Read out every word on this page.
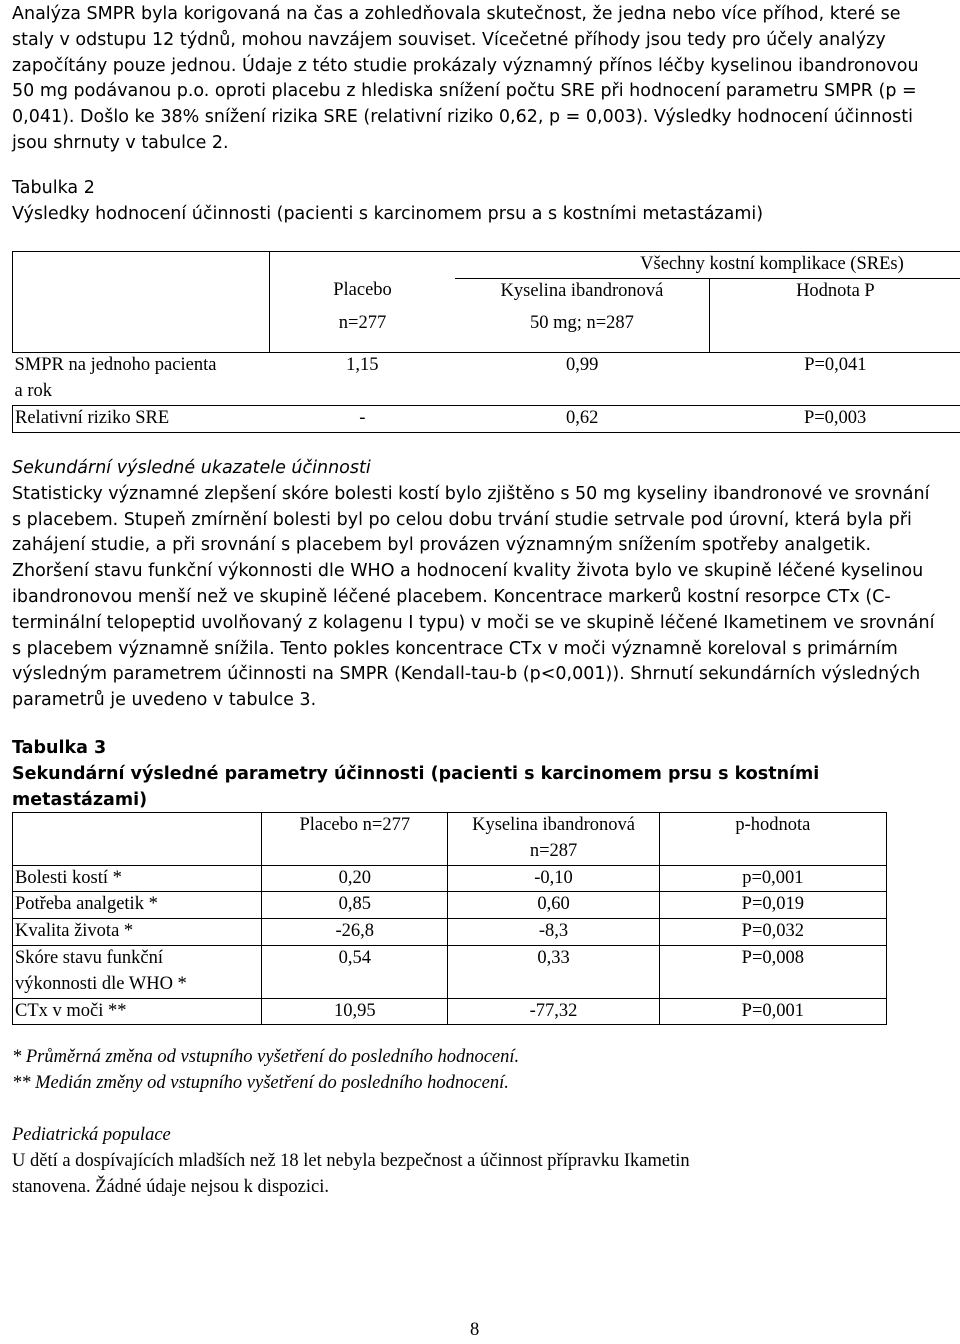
Analýza SMPR byla korigovaná na čas a zohledňovala skutečnost, že jedna nebo více příhod, které se

staly v odstupu 12 týdnů, mohou navzájem souviset. Vícečetné příhody jsou tedy pro účely analýzy

započítány pouze jednou. Údaje z této studie prokázaly významný přínos léčby kyselinou ibandronovou

50 mg podávanou p.o. oproti placebu z hlediska snížení počtu SRE při hodnocení parametru SMPR (p =

0,041). Došlo ke 38% snížení rizika SRE (relativní riziko 0,62, p = 0,003). Výsledky hodnocení účinnosti

jsou shrnuty v tabulce 2.

Tabulka 2
Výsledky hodnocení účinnosti (pacienti s karcinomem prsu a s kostními metastázami)
		Všechny kostní komplikace (SREs)	
	Placebo	Kyselina ibandronová	Hodnota P
	n=277	50 mg; n=287	

SMPR na jednoho pacienta
a rok	1,15	0,99	P=0,041
Relativní riziko SRE	-	0,62	P=0,003
Sekundární výsledné ukazatele účinnosti

Statisticky významné zlepšení skóre bolesti kostí bylo zjištěno s 50 mg kyseliny ibandronové ve srovnání

s placebem. Stupeň zmírnění bolesti byl po celou dobu trvání studie setrvale pod úrovní, která byla při

zahájení studie, a při srovnání s placebem byl provázen významným snížením spotřeby analgetik.

Zhoršení stavu funkční výkonnosti dle WHO a hodnocení kvality života bylo ve skupině léčené kyselinou

ibandronovou menší než ve skupině léčené placebem. Koncentrace markerů kostní resorpce CTx (C-

terminální telopeptid uvolňovaný z kolagenu I typu) v moči se ve skupině léčené Ikametinem ve srovnání

s placebem významně snížila. Tento pokles koncentrace CTx v moči významně koreloval s primárním

výsledným parametrem účinnosti na SMPR (Kendall-tau-b (p<0,001)). Shrnutí sekundárních výsledných

parametrů je uvedeno v tabulce 3.

Tabulka 3
Sekundární výsledné parametry účinnosti (pacienti s karcinomem prsu s kostními metastázami)
	Placebo n=277	Kyselina ibandronová
n=287	p-hodnota
Bolesti kostí *	0,20	-0,10	p=0,001
Potřeba analgetik *	0,85	0,60	P=0,019
Kvalita života *	-26,8	-8,3	P=0,032

Skóre stavu funkční
výkonnosti dle WHO *	0,54	0,33	P=0,008
CTx v moči **	10,95	-77,32	P=0,001
* Průměrná změna od vstupního vyšetření do posledního hodnocení.
** Medián změny od vstupního vyšetření do posledního hodnocení.
Pediatrická populace
U dětí a dospívajících mladších než 18 let nebyla bezpečnost a účinnost přípravku Ikametin
stanovena. Žádné údaje nejsou k dispozici.
8
